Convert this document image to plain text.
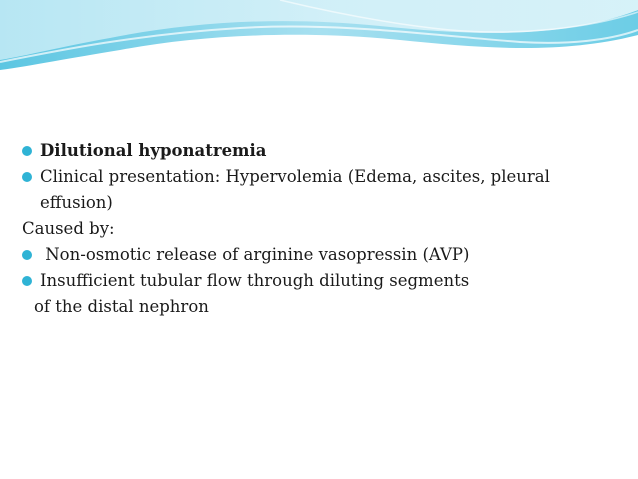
Dilutional hyponatremia
Clinical presentation: Hypervolemia (Edema, ascites, pleural
effusion)
Caused by:
Non-osmotic release of arginine vasopressin (AVP)
Insufficient tubular flow through diluting segments
of the distal nephron
